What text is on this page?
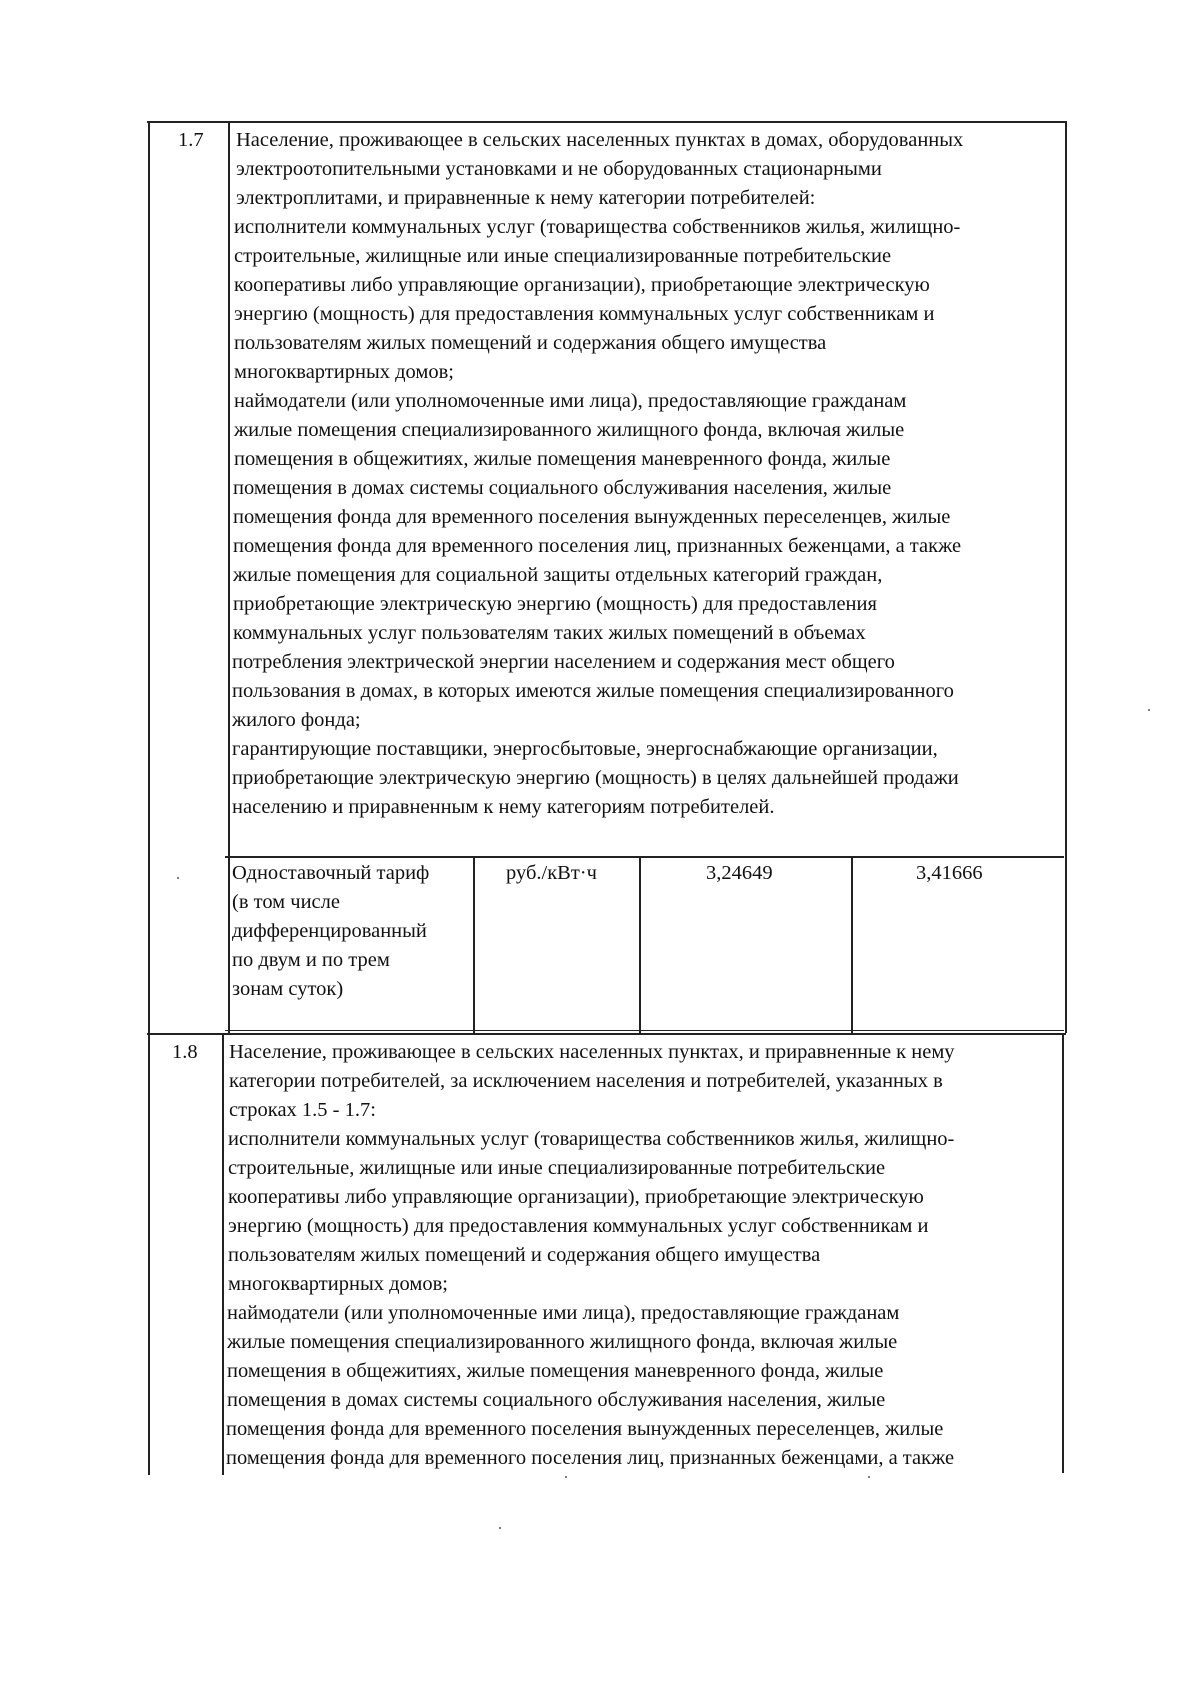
1.7 Население, проживающее в сельских населенных пунктах в домах, оборудованных
электроотопительными установками и не оборудованных стационарными
электроплитами, и приравненные к нему категории потребителей:
исполнители коммунальных услуг (товарищества собственников жилья, жилищно-
строительные, жилищные или иные специализированные потребительские
кооперативы либо управляющие организации), приобретающие электрическую
энергию (мощность) для предоставления коммунальных услуг собственникам и
пользователям жилых помещений и содержания общего имущества
многоквартирных домов;
наймодатели (или уполномоченные ими лица), предоставляющие гражданам
жилые помещения специализированного жилищного фонда, включая жилые
помещения в общежитиях, жилые помещения маневренного фонда, жилые
помещения в домах системы социального обслуживания населения, жилые
помещения фонда для временного поселения вынужденных переселенцев, жилые
помещения фонда для временного поселения лиц, признанных беженцами, а также
жилые помещения для социальной защиты отдельных категорий граждан,
приобретающие электрическую энергию (мощность) для предоставления
коммунальных услуг пользователям таких жилых помещений в объемах
потребления электрической энергии населением и содержания мест общего
пользования в домах, в которых имеются жилые помещения специализированного
жилого фонда;
гарантирующие поставщики, энергосбытовые, энергоснабжающие организации,
приобретающие электрическую энергию (мощность) в целях дальнейшей продажи
населению и приравненным к нему категориям потребителей.
Одноставочный тариф
(в том числе
дифференцированный
по двум и по трем
зонам суток)
руб./кВт·ч	3,24649	3,41666
1.8 Население, проживающее в сельских населенных пунктах, и приравненные к нему
категории потребителей, за исключением населения и потребителей, указанных в
строках 1.5 - 1.7:
исполнители коммунальных услуг (товарищества собственников жилья, жилищно-
строительные, жилищные или иные специализированные потребительские
кооперативы либо управляющие организации), приобретающие электрическую
энергию (мощность) для предоставления коммунальных услуг собственникам и
пользователям жилых помещений и содержания общего имущества
многоквартирных домов;
наймодатели (или уполномоченные ими лица), предоставляющие гражданам
жилые помещения специализированного жилищного фонда, включая жилые
помещения в общежитиях, жилые помещения маневренного фонда, жилые
помещения в домах системы социального обслуживания населения, жилые
помещения фонда для временного поселения вынужденных переселенцев, жилые
помещения фонда для временного поселения лиц, признанных беженцами, а также
